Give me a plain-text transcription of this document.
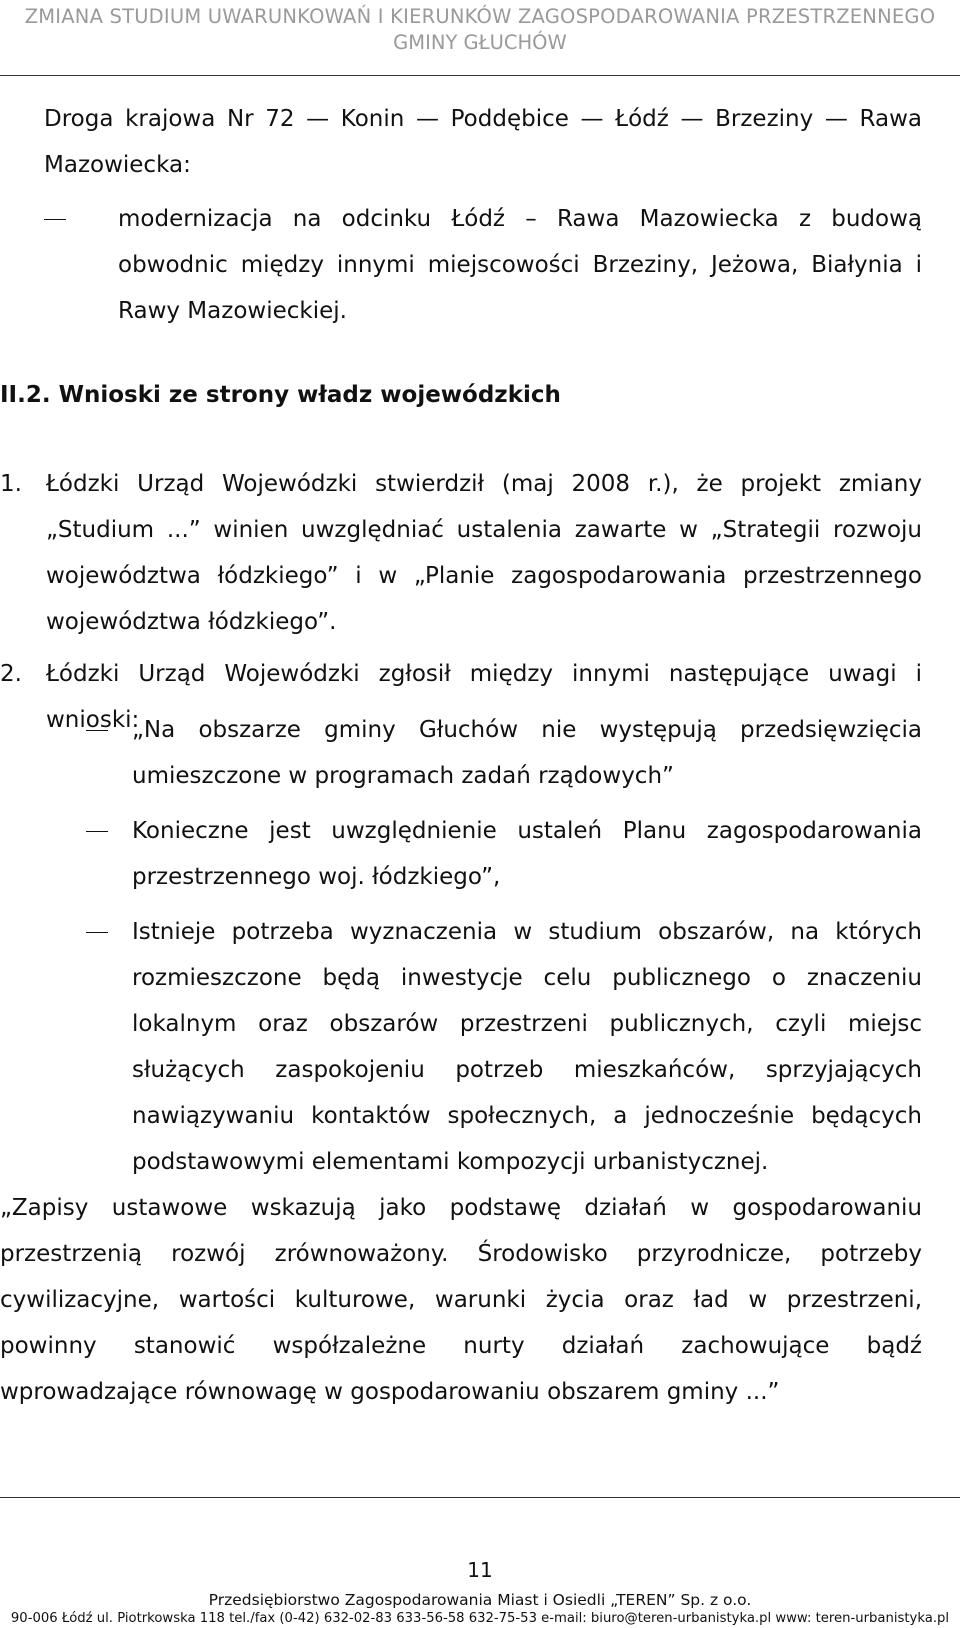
ZMIANA STUDIUM UWARUNKOWAŃ I KIERUNKÓW ZAGOSPODAROWANIA PRZESTRZENNEGO
GMINY GŁUCHÓW
Droga krajowa Nr 72 — Konin — Poddębice — Łódź — Brzeziny — Rawa Mazowiecka:
modernizacja na odcinku Łódź – Rawa Mazowiecka z budową obwodnic między innymi miejscowości Brzeziny, Jeżowa, Białynia i Rawy Mazowieckiej.
II.2. Wnioski ze strony władz wojewódzkich
1. Łódzki Urząd Wojewódzki stwierdził (maj 2008 r.), że projekt zmiany „Studium ...” winien uwzględniać ustalenia zawarte w „Strategii rozwoju województwa łódzkiego” i w „Planie zagospodarowania przestrzennego województwa łódzkiego”.
2. Łódzki Urząd Wojewódzki zgłosił między innymi następujące uwagi i wnioski:
„Na obszarze gminy Głuchów nie występują przedsięwzięcia umieszczone w programach zadań rządowych”
Konieczne jest uwzględnienie ustaleń Planu zagospodarowania przestrzennego woj. łódzkiego”,
Istnieje potrzeba wyznaczenia w studium obszarów, na których rozmieszczone będą inwestycje celu publicznego o znaczeniu lokalnym oraz obszarów przestrzeni publicznych, czyli miejsc służących zaspokojeniu potrzeb mieszkańców, sprzyjających nawiązywaniu kontaktów społecznych, a jednocześnie będących podstawowymi elementami kompozycji urbanistycznej.
„Zapisy ustawowe wskazują jako podstawę działań w gospodarowaniu przestrzenią rozwój zrównoważony. Środowisko przyrodnicze, potrzeby cywilizacyjne, wartości kulturowe, warunki życia oraz ład w przestrzeni, powinny stanowić współzależne nurty działań zachowujące bądź wprowadzające równowagę w gospodarowaniu obszarem gminy ...”
11
Przedsiębiorstwo Zagospodarowania Miast i Osiedli „TEREN” Sp. z o.o.
90-006 Łódź ul. Piotrkowska 118 tel./fax (0-42) 632-02-83 633-56-58 632-75-53 e-mail: biuro@teren-urbanistyka.pl www: teren-urbanistyka.pl
